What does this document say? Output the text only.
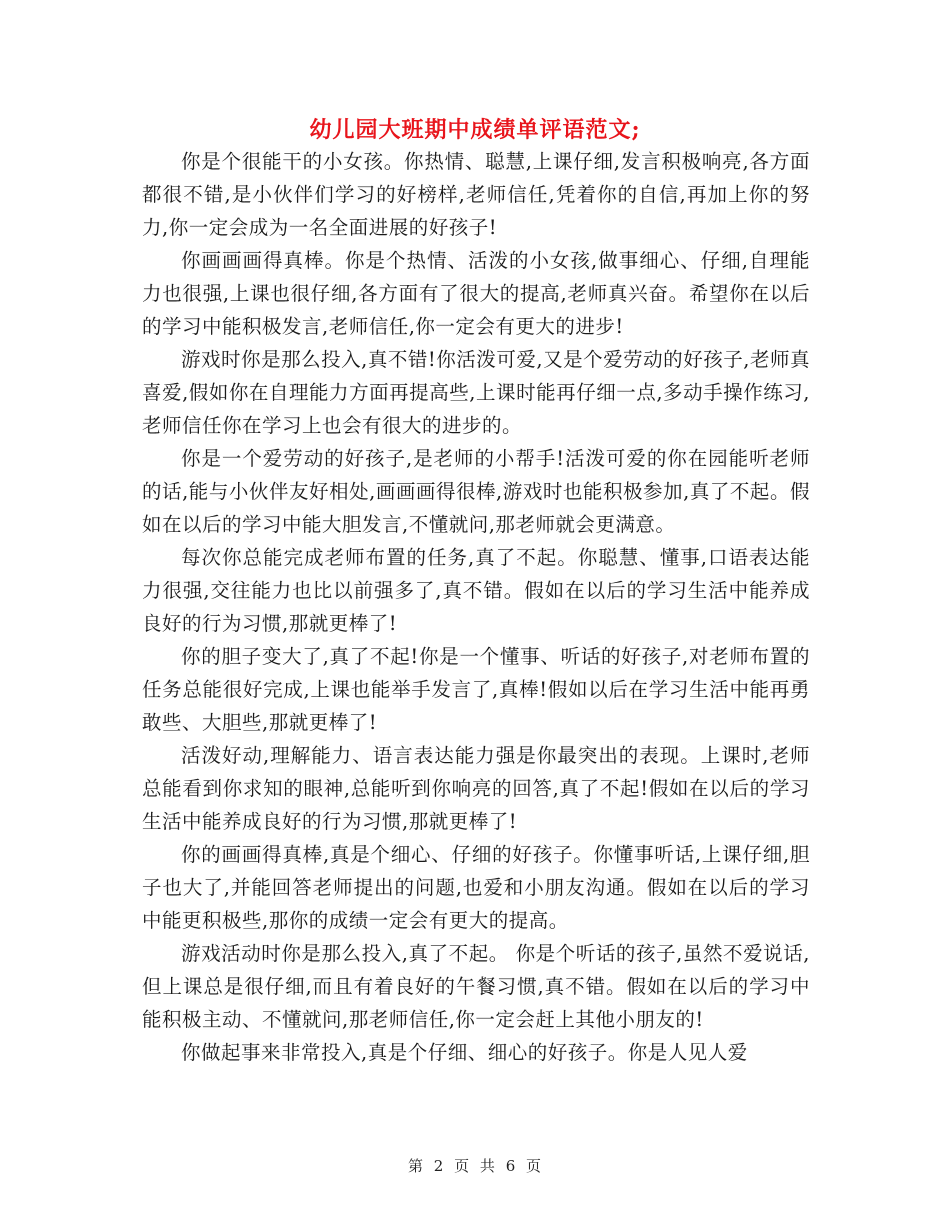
幼儿园大班期中成绩单评语范文;

你是个很能干的小女孩。你热情、聪慧,上课仔细,发言积极响亮,各方面都很不错,是小伙伴们学习的好榜样,老师信任,凭着你的自信,再加上你的努力,你一定会成为一名全面进展的好孩子!

你画画画得真棒。你是个热情、活泼的小女孩,做事细心、仔细,自理能力也很强,上课也很仔细,各方面有了很大的提高,老师真兴奋。希望你在以后的学习中能积极发言,老师信任,你一定会有更大的进步!

游戏时你是那么投入,真不错!你活泼可爱,又是个爱劳动的好孩子,老师真喜爱,假如你在自理能力方面再提高些,上课时能再仔细一点,多动手操作练习,老师信任你在学习上也会有很大的进步的。

你是一个爱劳动的好孩子,是老师的小帮手!活泼可爱的你在园能听老师的话,能与小伙伴友好相处,画画画得很棒,游戏时也能积极参加,真了不起。假如在以后的学习中能大胆发言,不懂就问,那老师就会更满意。

每次你总能完成老师布置的任务,真了不起。你聪慧、懂事,口语表达能力很强,交往能力也比以前强多了,真不错。假如在以后的学习生活中能养成良好的行为习惯,那就更棒了!

你的胆子变大了,真了不起!你是一个懂事、听话的好孩子,对老师布置的任务总能很好完成,上课也能举手发言了,真棒!假如以后在学习生活中能再勇敢些、大胆些,那就更棒了!

活泼好动,理解能力、语言表达能力强是你最突出的表现。上课时,老师总能看到你求知的眼神,总能听到你响亮的回答,真了不起!假如在以后的学习生活中能养成良好的行为习惯,那就更棒了!

你的画画得真棒,真是个细心、仔细的好孩子。你懂事听话,上课仔细,胆子也大了,并能回答老师提出的问题,也爱和小朋友沟通。假如在以后的学习中能更积极些,那你的成绩一定会有更大的提高。

游戏活动时你是那么投入,真了不起。 你是个听话的孩子,虽然不爱说话,但上课总是很仔细,而且有着良好的午餐习惯,真不错。假如在以后的学习中能积极主动、不懂就问,那老师信任,你一定会赶上其他小朋友的!

你做起事来非常投入,真是个仔细、细心的好孩子。你是人见人爱

第 2 页 共 6 页
